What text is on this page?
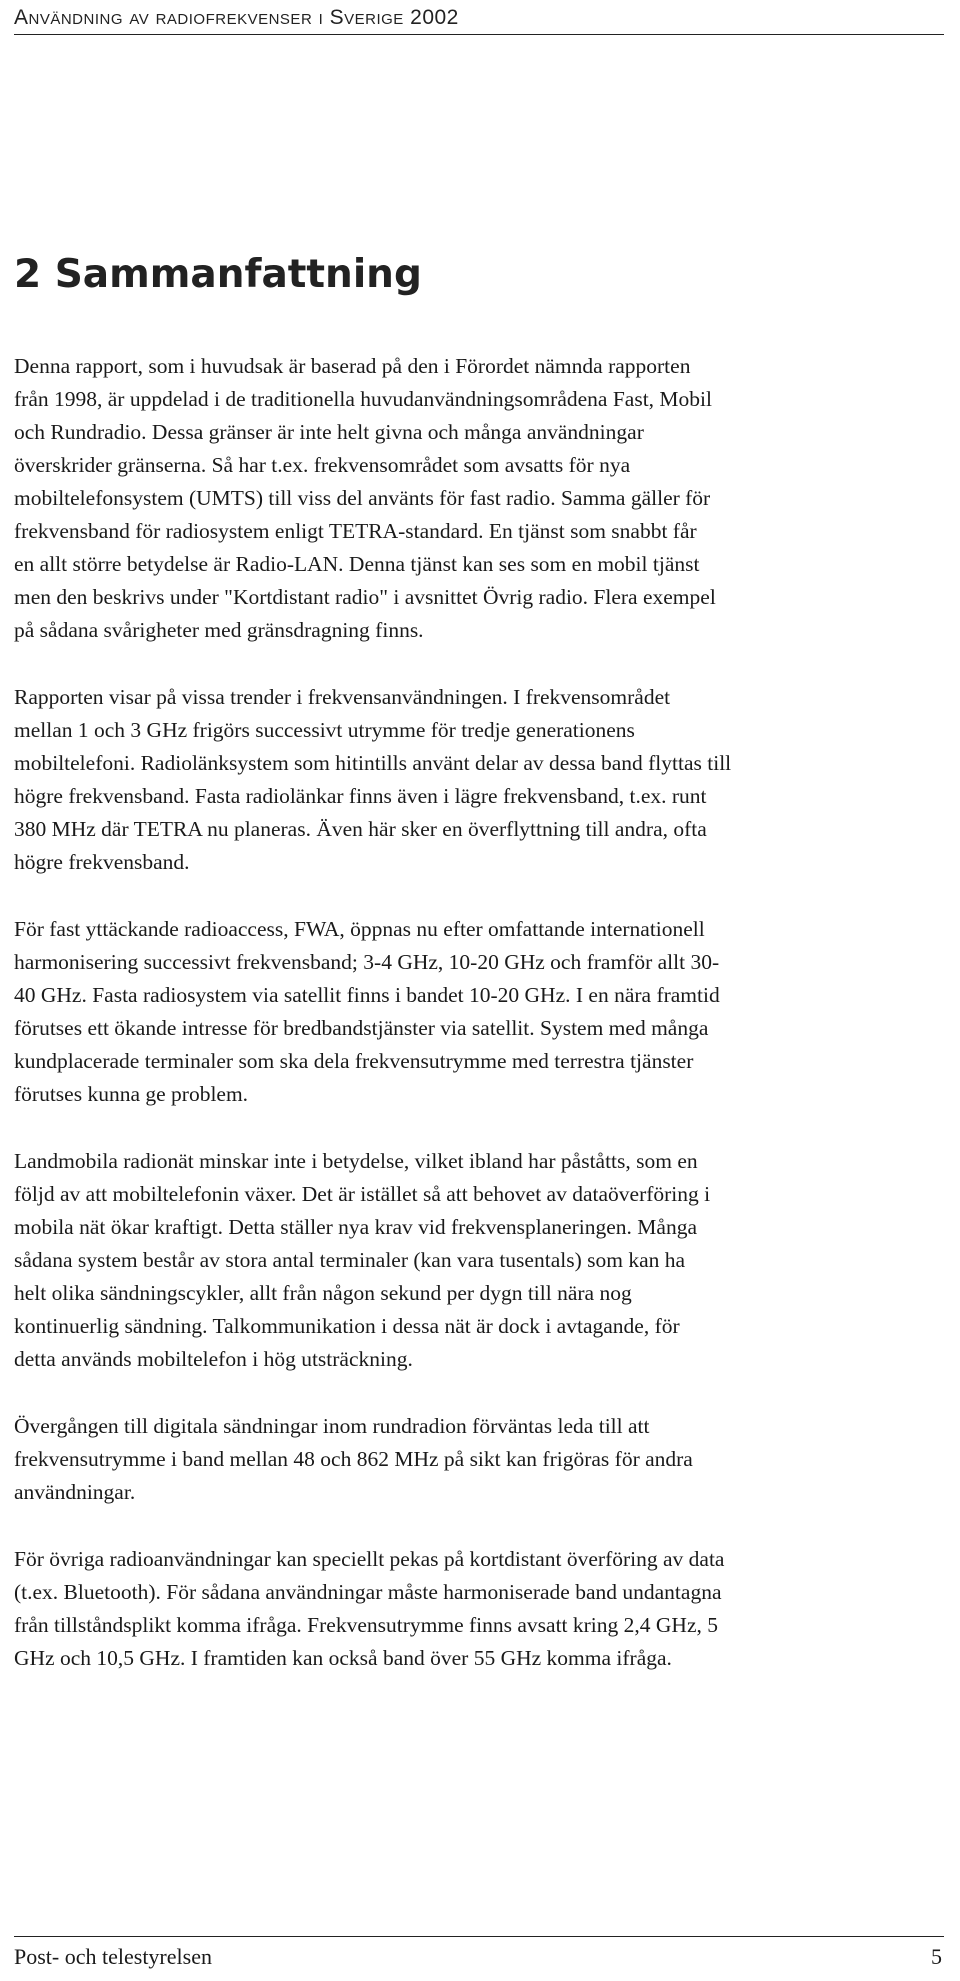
Användning av radiofrekvenser i Sverige 2002
2 Sammanfattning

Denna rapport, som i huvudsak är baserad på den i Förordet nämnda rapporten
från 1998, är uppdelad i de traditionella huvudanvändningsområdena Fast, Mobil
och Rundradio. Dessa gränser är inte helt givna och många användningar
överskrider gränserna. Så har t.ex. frekvensområdet som avsatts för nya
mobiltelefonsystem (UMTS) till viss del använts för fast radio. Samma gäller för
frekvensband för radiosystem enligt TETRA-standard. En tjänst som snabbt får
en allt större betydelse är Radio-LAN. Denna tjänst kan ses som en mobil tjänst
men den beskrivs under "Kortdistant radio" i avsnittet Övrig radio. Flera exempel
på sådana svårigheter med gränsdragning finns.

Rapporten visar på vissa trender i frekvensanvändningen. I frekvensområdet
mellan 1 och 3 GHz frigörs successivt utrymme för tredje generationens
mobiltelefoni. Radiolänksystem som hitintills använt delar av dessa band flyttas till
högre frekvensband. Fasta radiolänkar finns även i lägre frekvensband, t.ex. runt
380 MHz där TETRA nu planeras. Även här sker en överflyttning till andra, ofta
högre frekvensband.

För fast yttäckande radioaccess, FWA, öppnas nu efter omfattande internationell
harmonisering successivt frekvensband; 3-4 GHz, 10-20 GHz och framför allt 30-
40 GHz. Fasta radiosystem via satellit finns i bandet 10-20 GHz. I en nära framtid
förutses ett ökande intresse för bredbandstjänster via satellit. System med många
kundplacerade terminaler som ska dela frekvensutrymme med terrestra tjänster
förutses kunna ge problem.

Landmobila radionät minskar inte i betydelse, vilket ibland har påståtts, som en
följd av att mobiltelefonin växer. Det är istället så att behovet av dataöverföring i
mobila nät ökar kraftigt. Detta ställer nya krav vid frekvensplaneringen. Många
sådana system består av stora antal terminaler (kan vara tusentals) som kan ha
helt olika sändningscykler, allt från någon sekund per dygn till nära nog
kontinuerlig sändning. Talkommunikation i dessa nät är dock i avtagande, för
detta används mobiltelefon i hög utsträckning.

Övergången till digitala sändningar inom rundradion förväntas leda till att
frekvensutrymme i band mellan 48 och 862 MHz på sikt kan frigöras för andra
användningar.

För övriga radioanvändningar kan speciellt pekas på kortdistant överföring av data
(t.ex. Bluetooth). För sådana användningar måste harmoniserade band undantagna
från tillståndsplikt komma ifråga. Frekvensutrymme finns avsatt kring 2,4 GHz, 5
GHz och 10,5 GHz. I framtiden kan också band över 55 GHz komma ifråga.

Post- och telestyrelsen	5
